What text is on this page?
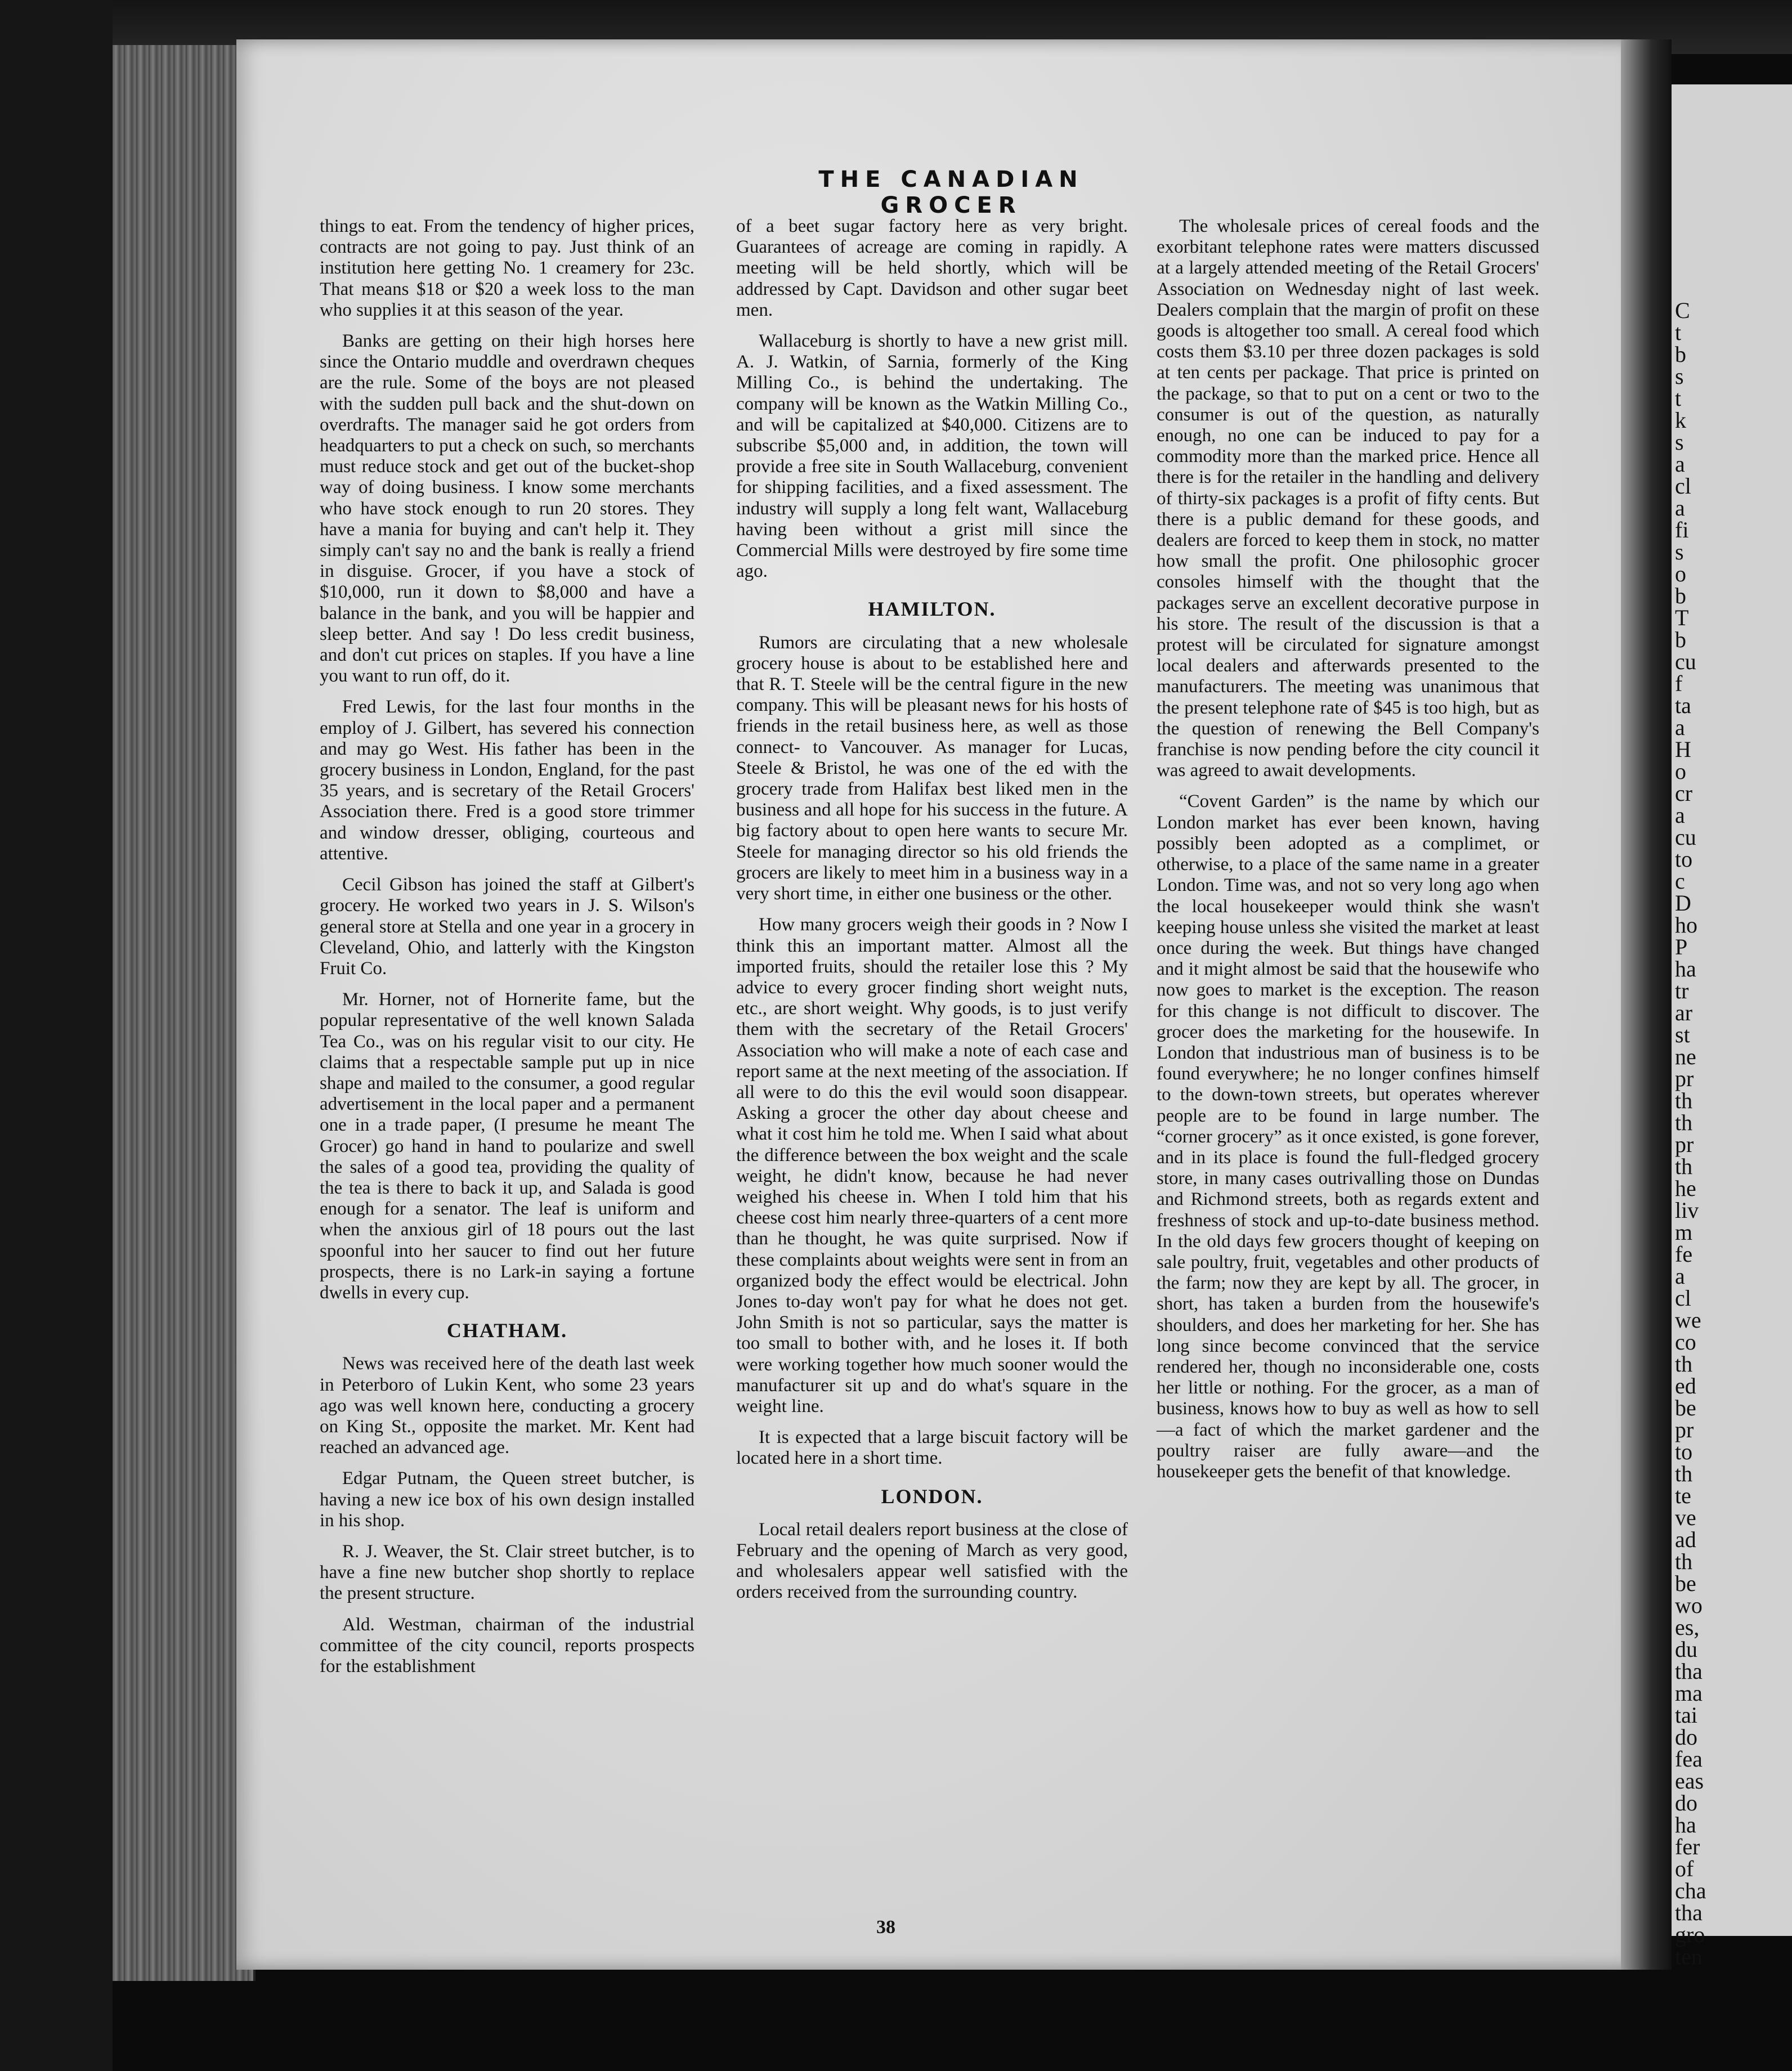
C
t
b
s
t
k
s
a
cl
a
fi
s
o
b
T
b
cu
f
ta
a
H
o
cr
a
cu
to
c
D
ho
P
ha
tr
ar
st
ne
pr
th
th
pr
th
he
liv
m
fe
a
cl
we
co
th
ed
be
pr
to
th
te
ve
ad
th
be
wo
es,
du
tha
ma
tai
do
fea
eas
do
ha
fer
of
cha
tha
gro
ten
THE CANADIAN GROCER

things to eat. From the tendency of higher prices, contracts are not going to pay. Just think of an institution here getting No. 1 creamery for 23c. That means $18 or $20 a week loss to the man who supplies it at this season of the year.

Banks are getting on their high horses here since the Ontario muddle and overdrawn cheques are the rule. Some of the boys are not pleased with the sudden pull back and the shut-down on overdrafts. The manager said he got orders from headquarters to put a check on such, so merchants must reduce stock and get out of the bucket-shop way of doing business. I know some merchants who have stock enough to run 20 stores. They have a mania for buying and can't help it. They simply can't say no and the bank is really a friend in disguise. Grocer, if you have a stock of $10,000, run it down to $8,000 and have a balance in the bank, and you will be happier and sleep better. And say ! Do less credit business, and don't cut prices on staples. If you have a line you want to run off, do it.

Fred Lewis, for the last four months in the employ of J. Gilbert, has severed his connection and may go West. His father has been in the grocery business in London, England, for the past 35 years, and is secretary of the Retail Grocers' Association there. Fred is a good store trimmer and window dresser, obliging, courteous and attentive.

Cecil Gibson has joined the staff at Gilbert's grocery. He worked two years in J. S. Wilson's general store at Stella and one year in a grocery in Cleveland, Ohio, and latterly with the Kingston Fruit Co.

Mr. Horner, not of Hornerite fame, but the popular representative of the well known Salada Tea Co., was on his regular visit to our city. He claims that a respectable sample put up in nice shape and mailed to the consumer, a good regular advertisement in the local paper and a permanent one in a trade paper, (I presume he meant The Grocer) go hand in hand to poularize and swell the sales of a good tea, providing the quality of the tea is there to back it up, and Salada is good enough for a senator. The leaf is uniform and when the anxious girl of 18 pours out the last spoonful into her saucer to find out her future prospects, there is no Lark-in saying a fortune dwells in every cup.

CHATHAM.

News was received here of the death last week in Peterboro of Lukin Kent, who some 23 years ago was well known here, conducting a grocery on King St., opposite the market. Mr. Kent had reached an advanced age.

Edgar Putnam, the Queen street butcher, is having a new ice box of his own design installed in his shop.

R. J. Weaver, the St. Clair street butcher, is to have a fine new butcher shop shortly to replace the present structure.

Ald. Westman, chairman of the industrial committee of the city council, reports prospects for the establishment

of a beet sugar factory here as very bright. Guarantees of acreage are coming in rapidly. A meeting will be held shortly, which will be addressed by Capt. Davidson and other sugar beet men.

Wallaceburg is shortly to have a new grist mill. A. J. Watkin, of Sarnia, formerly of the King Milling Co., is behind the undertaking. The company will be known as the Watkin Milling Co., and will be capitalized at $40,000. Citizens are to subscribe $5,000 and, in addition, the town will provide a free site in South Wallaceburg, convenient for shipping facilities, and a fixed assessment. The industry will supply a long felt want, Wallaceburg having been without a grist mill since the Commercial Mills were destroyed by fire some time ago.

HAMILTON.

Rumors are circulating that a new wholesale grocery house is about to be established here and that R. T. Steele will be the central figure in the new company. This will be pleasant news for his hosts of friends in the retail business here, as well as those connect- to Vancouver. As manager for Lucas, Steele & Bristol, he was one of the ed with the grocery trade from Halifax best liked men in the business and all hope for his success in the future. A big factory about to open here wants to secure Mr. Steele for managing director so his old friends the grocers are likely to meet him in a business way in a very short time, in either one business or the other.

How many grocers weigh their goods in ? Now I think this an important matter. Almost all the imported fruits, should the retailer lose this ? My advice to every grocer finding short weight nuts, etc., are short weight. Why goods, is to just verify them with the secretary of the Retail Grocers' Association who will make a note of each case and report same at the next meeting of the association. If all were to do this the evil would soon disappear. Asking a grocer the other day about cheese and what it cost him he told me. When I said what about the difference between the box weight and the scale weight, he didn't know, because he had never weighed his cheese in. When I told him that his cheese cost him nearly three-quarters of a cent more than he thought, he was quite surprised. Now if these complaints about weights were sent in from an organized body the effect would be electrical. John Jones to-day won't pay for what he does not get. John Smith is not so particular, says the matter is too small to bother with, and he loses it. If both were working together how much sooner would the manufacturer sit up and do what's square in the weight line.

It is expected that a large biscuit factory will be located here in a short time.

LONDON.

Local retail dealers report business at the close of February and the opening of March as very good, and wholesalers appear well satisfied with the orders received from the surrounding country.

The wholesale prices of cereal foods and the exorbitant telephone rates were matters discussed at a largely attended meeting of the Retail Grocers' Association on Wednesday night of last week. Dealers complain that the margin of profit on these goods is altogether too small. A cereal food which costs them $3.10 per three dozen packages is sold at ten cents per package. That price is printed on the package, so that to put on a cent or two to the consumer is out of the question, as naturally enough, no one can be induced to pay for a commodity more than the marked price. Hence all there is for the retailer in the handling and delivery of thirty-six packages is a profit of fifty cents. But there is a public demand for these goods, and dealers are forced to keep them in stock, no matter how small the profit. One philosophic grocer consoles himself with the thought that the packages serve an excellent decorative purpose in his store. The result of the discussion is that a protest will be circulated for signature amongst local dealers and afterwards presented to the manufacturers. The meeting was unanimous that the present telephone rate of $45 is too high, but as the question of renewing the Bell Company's franchise is now pending before the city council it was agreed to await developments.

“Covent Garden” is the name by which our London market has ever been known, having possibly been adopted as a complimet, or otherwise, to a place of the same name in a greater London. Time was, and not so very long ago when the local housekeeper would think she wasn't keeping house unless she visited the market at least once during the week. But things have changed and it might almost be said that the housewife who now goes to market is the exception. The reason for this change is not difficult to discover. The grocer does the marketing for the housewife. In London that industrious man of business is to be found everywhere; he no longer confines himself to the down-town streets, but operates wherever people are to be found in large number. The “corner grocery” as it once existed, is gone forever, and in its place is found the full-fledged grocery store, in many cases outrivalling those on Dundas and Richmond streets, both as regards extent and freshness of stock and up-to-date business method. In the old days few grocers thought of keeping on sale poultry, fruit, vegetables and other products of the farm; now they are kept by all. The grocer, in short, has taken a burden from the housewife's shoulders, and does her marketing for her. She has long since become convinced that the service rendered her, though no inconsiderable one, costs her little or nothing. For the grocer, as a man of business, knows how to buy as well as how to sell—a fact of which the market gardener and the poultry raiser are fully aware—and the housekeeper gets the benefit of that knowledge.

38
